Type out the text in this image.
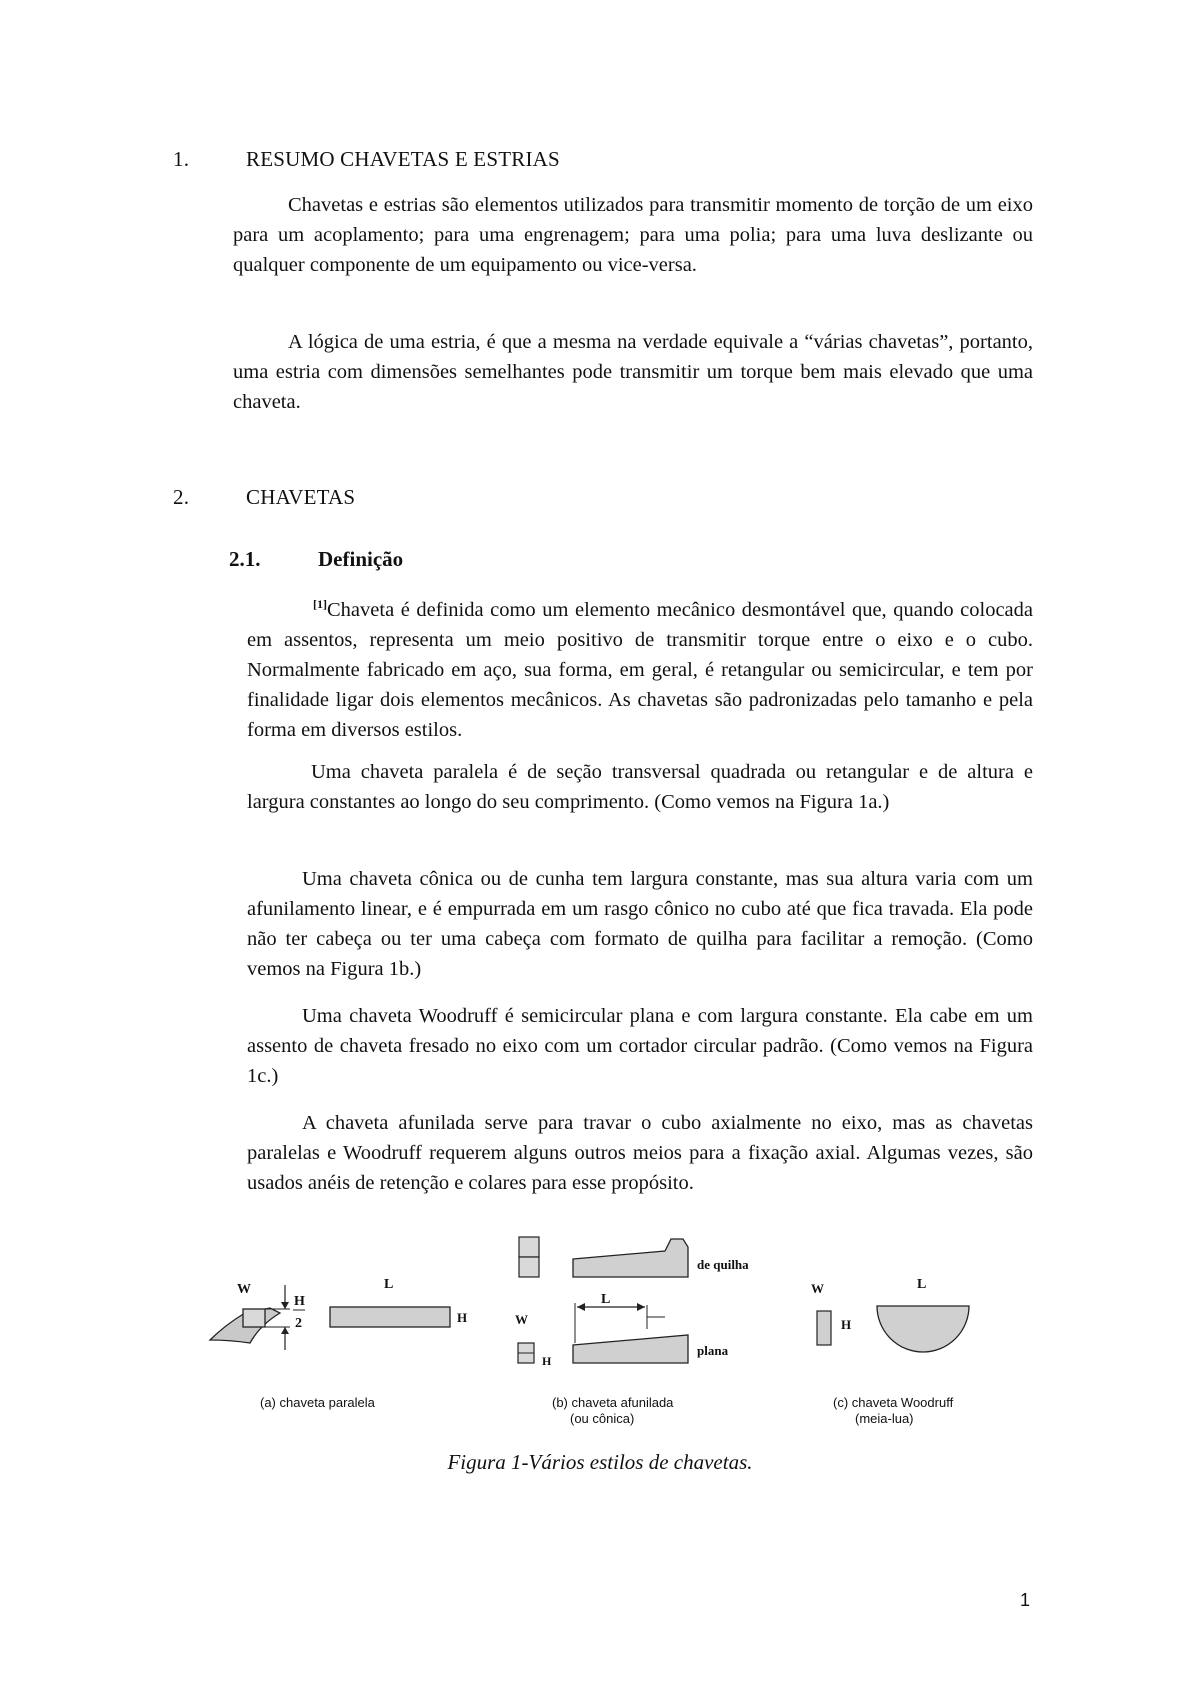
1.	RESUMO CHAVETAS E ESTRIAS

Chavetas e estrias são elementos utilizados para transmitir momento de torção de um eixo para um acoplamento; para uma engrenagem; para uma polia; para uma luva deslizante ou qualquer componente de um equipamento ou vice-versa.

A lógica de uma estria, é que a mesma na verdade equivale a “várias chavetas”, portanto, uma estria com dimensões semelhantes pode transmitir um torque bem mais elevado que uma chaveta.

2.	CHAVETAS
2.1.	Definição

[1]Chaveta é definida como um elemento mecânico desmontável que, quando colocada em assentos, representa um meio positivo de transmitir torque entre o eixo e o cubo. Normalmente fabricado em aço, sua forma, em geral, é retangular ou semicircular, e tem por finalidade ligar dois elementos mecânicos. As chavetas são padronizadas pelo tamanho e pela forma em diversos estilos.

Uma chaveta paralela é de seção transversal quadrada ou retangular e de altura e largura constantes ao longo do seu comprimento. (Como vemos na Figura 1a.)

Uma chaveta cônica ou de cunha tem largura constante, mas sua altura varia com um afunilamento linear, e é empurrada em um rasgo cônico no cubo até que fica travada. Ela pode não ter cabeça ou ter uma cabeça com formato de quilha para facilitar a remoção. (Como vemos na Figura 1b.)

Uma chaveta Woodruff é semicircular plana e com largura constante. Ela cabe em um assento de chaveta fresado no eixo com um cortador circular padrão. (Como vemos na Figura 1c.)

A chaveta afunilada serve para travar o cubo axialmente no eixo, mas as chavetas paralelas e Woodruff requerem alguns outros meios para a fixação axial. Algumas vezes, são usados anéis de retenção e colares para esse propósito.

W
H
2
L
H
(a) chaveta paralela
de quilha
L
W
H
plana
(b) chaveta afunilada
(ou cônica)
W
H
L
(c) chaveta Woodruff
(meia-lua)
Figura 1-Vários estilos de chavetas.
1
